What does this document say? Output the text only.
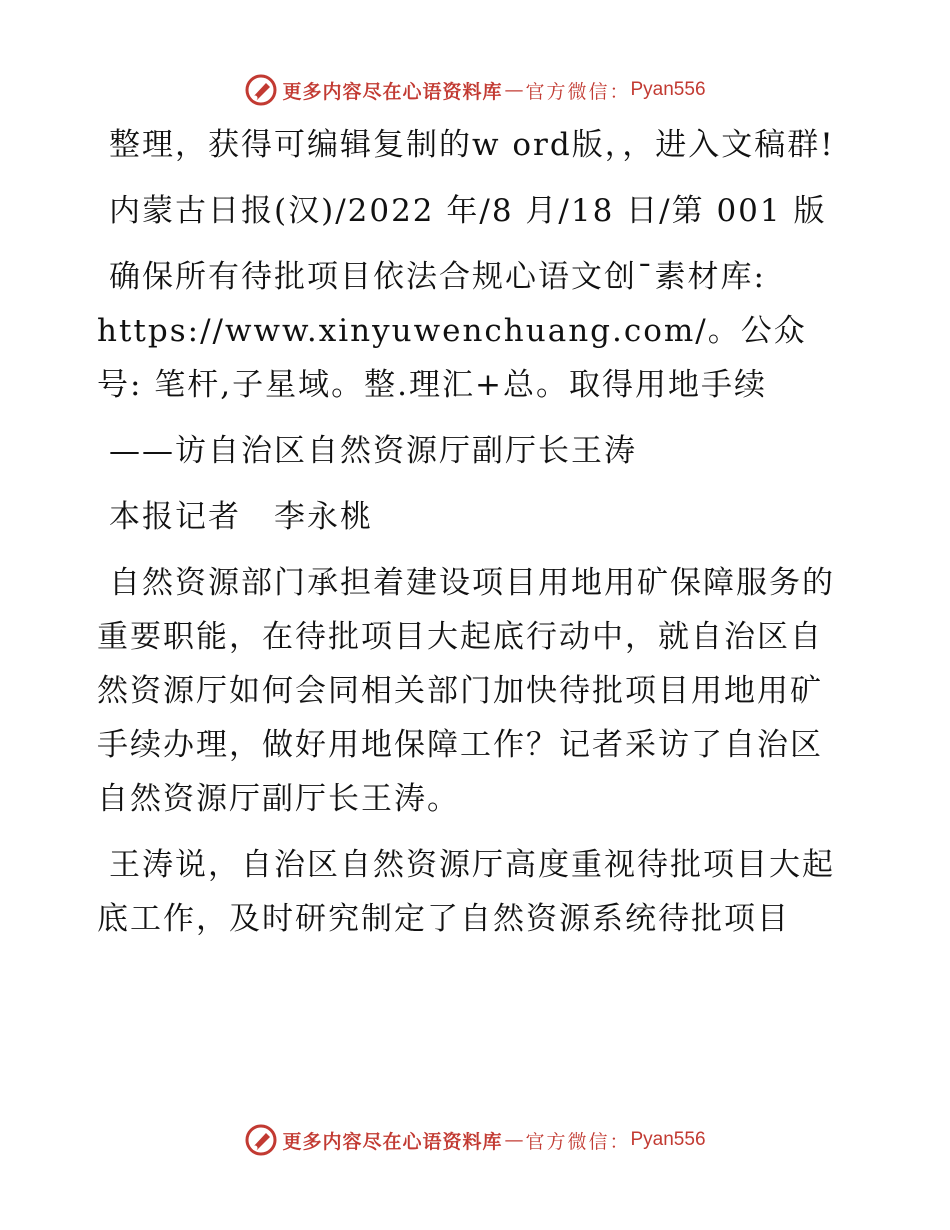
更多内容尽在心语资料库 — 官方微信： Pyan556

整理，获得可编辑复制的w ord版，，进入文稿群!

内蒙古日报(汉)/2022 年/8 月/18 日/第 001 版

确保所有待批项目依法合规心语文创¯素材库: https://www.xinyuwenchuang.com/。公众号: 笔杆,子星域。整.理汇+总。取得用地手续

——访自治区自然资源厅副厅长王涛

本报记者　李永桃

自然资源部门承担着建设项目用地用矿保障服务的重要职能，在待批项目大起底行动中，就自治区自然资源厅如何会同相关部门加快待批项目用地用矿手续办理，做好用地保障工作？记者采访了自治区自然资源厅副厅长王涛。

王涛说，自治区自然资源厅高度重视待批项目大起底工作，及时研究制定了自然资源系统待批项目

更多内容尽在心语资料库 — 官方微信： Pyan556
